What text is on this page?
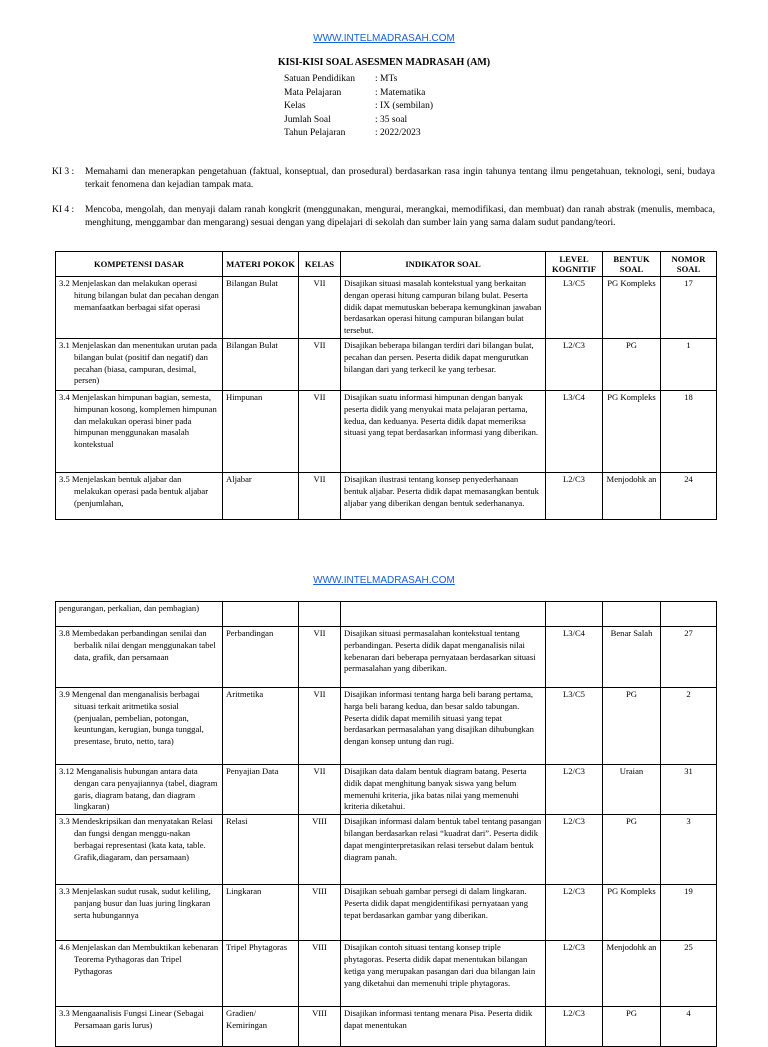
WWW.INTELMADRASAH.COM
KISI-KISI SOAL ASESMEN MADRASAH (AM)
Satuan Pendidikan	: MTs
Mata Pelajaran	: Matematika
Kelas	: IX (sembilan)
Jumlah Soal	: 35 soal
Tahun Pelajaran	: 2022/2023
KI 3 :	Memahami dan menerapkan pengetahuan (faktual, konseptual, dan prosedural) berdasarkan rasa ingin tahunya tentang ilmu pengetahuan, teknologi, seni, budaya terkait fenomena dan kejadian tampak mata.
KI 4 :	Mencoba, mengolah, dan menyaji dalam ranah kongkrit (menggunakan, mengurai, merangkai, memodifikasi, dan membuat) dan ranah abstrak (menulis, membaca, menghitung, menggambar dan mengarang) sesuai dengan yang dipelajari di sekolah dan sumber lain yang sama dalam sudut pandang/teori.
KOMPETENSI DASAR	MATERI POKOK	KELAS	INDIKATOR SOAL	LEVEL KOGNITIF	BENTUK SOAL	NOMOR SOAL
3.2 Menjelaskan dan melakukan operasi hitung bilangan bulat dan pecahan dengan memanfaatkan berbagai sifat operasi	Bilangan Bulat	VII	Disajikan situasi masalah kontekstual yang berkaitan dengan operasi hitung campuran bilang bulat. Peserta didik dapat memutuskan beberapa kemungkinan jawaban berdasarkan operasi hitung campuran bilangan bulat tersebut.	L3/C5	PG Kompleks	17
3.1 Menjelaskan dan menentukan urutan pada bilangan bulat (positif dan negatif) dan pecahan (biasa, campuran, desimal, persen)	Bilangan Bulat	VII	Disajikan beberapa bilangan terdiri dari bilangan bulat, pecahan dan persen. Peserta didik dapat mengurutkan bilangan dari yang terkecil ke yang terbesar.	L2/C3	PG	1
3.4 Menjelaskan himpunan bagian, semesta, himpunan kosong, komplemen himpunan dan melakukan operasi biner pada himpunan menggunakan masalah kontekstual	Himpunan	VII	Disajikan suatu informasi himpunan dengan banyak peserta didik yang menyukai mata pelajaran pertama, kedua, dan keduanya. Peserta didik dapat memeriksa situasi yang tepat berdasarkan informasi yang diberikan.	L3/C4	PG Kompleks	18
3.5 Menjelaskan bentuk aljabar dan melakukan operasi pada bentuk aljabar (penjumlahan,	Aljabar	VII	Disajikan ilustrasi tentang konsep penyederhanaan bentuk aljabar. Peserta didik dapat memasangkan bentuk aljabar yang diberikan dengan bentuk sederhananya.	L2/C3	Menjodohk an	24
WWW.INTELMADRASAH.COM
pengurangan, perkalian, dan pembagian)						
3.8 Membedakan perbandingan senilai dan berbalik nilai dengan menggunakan tabel data, grafik, dan persamaan	Perbandingan	VII	Disajikan situasi permasalahan kontekstual tentang perbandingan. Peserta didik dapat menganalisis nilai kebenaran dari beberapa pernyataan berdasarkan situasi permasalahan yang diberikan.	L3/C4	Benar Salah	27
3.9 Mengenal dan menganalisis berbagai situasi terkait aritmetika sosial (penjualan, pembelian, potongan, keuntungan, kerugian, bunga tunggal, presentase, bruto, netto, tara)	Aritmetika	VII	Disajikan informasi tentang harga beli barang pertama, harga beli barang kedua, dan besar saldo tabungan. Peserta didik dapat memilih situasi yang tepat berdasarkan permasalahan yang disajikan dihubungkan dengan konsep untung dan rugi.	L3/C5	PG	2
3.12 Menganalisis hubungan antara data dengan cara penyajiannya (tabel, diagram garis, diagram batang, dan diagram lingkaran)	Penyajian Data	VII	Disajikan data dalam bentuk diagram batang. Peserta didik dapat menghitung banyak siswa yang belum memenuhi kriteria, jika batas nilai yang memenuhi kriteria diketahui.	L2/C3	Uraian	31
3.3 Mendeskripsikan dan menyatakan Relasi dan fungsi dengan menggu-nakan berbagai representasi (kata kata, table. Grafik,diagaram, dan persamaan)	Relasi	VIII	Disajikan informasi dalam bentuk tabel tentang pasangan bilangan berdasarkan relasi “kuadrat dari”. Peserta didik dapat menginterpretasikan relasi tersebut dalam bentuk diagram panah.	L2/C3	PG	3
3.3 Menjelaskan sudut rusak, sudut keliling, panjang busur dan luas juring lingkaran serta hubungannya	Lingkaran	VIII	Disajikan sebuah gambar persegi di dalam lingkaran. Peserta didik dapat mengidentifikasi pernyataan yang tepat berdasarkan gambar yang diberikan.	L2/C3	PG Kompleks	19
4.6 Menjelaskan dan Membuktikan kebenaran Teorema Pythagoras dan Tripel Pythagoras	Tripel Phytagoras	VIII	Disajikan contoh situasi tentang konsep triple phytagoras. Peserta didik dapat menentukan bilangan ketiga yang merupakan pasangan dari dua bilangan lain yang diketahui dan memenuhi triple phytagoras.	L2/C3	Menjodohk an	25
3.3 Mengaanalisis Fungsi Linear (Sebagai Persamaan garis lurus)	Gradien/ Kemiringan	VIII	Disajikan informasi tentang menara Pisa. Peserta didik dapat menentukan	L2/C3	PG	4
